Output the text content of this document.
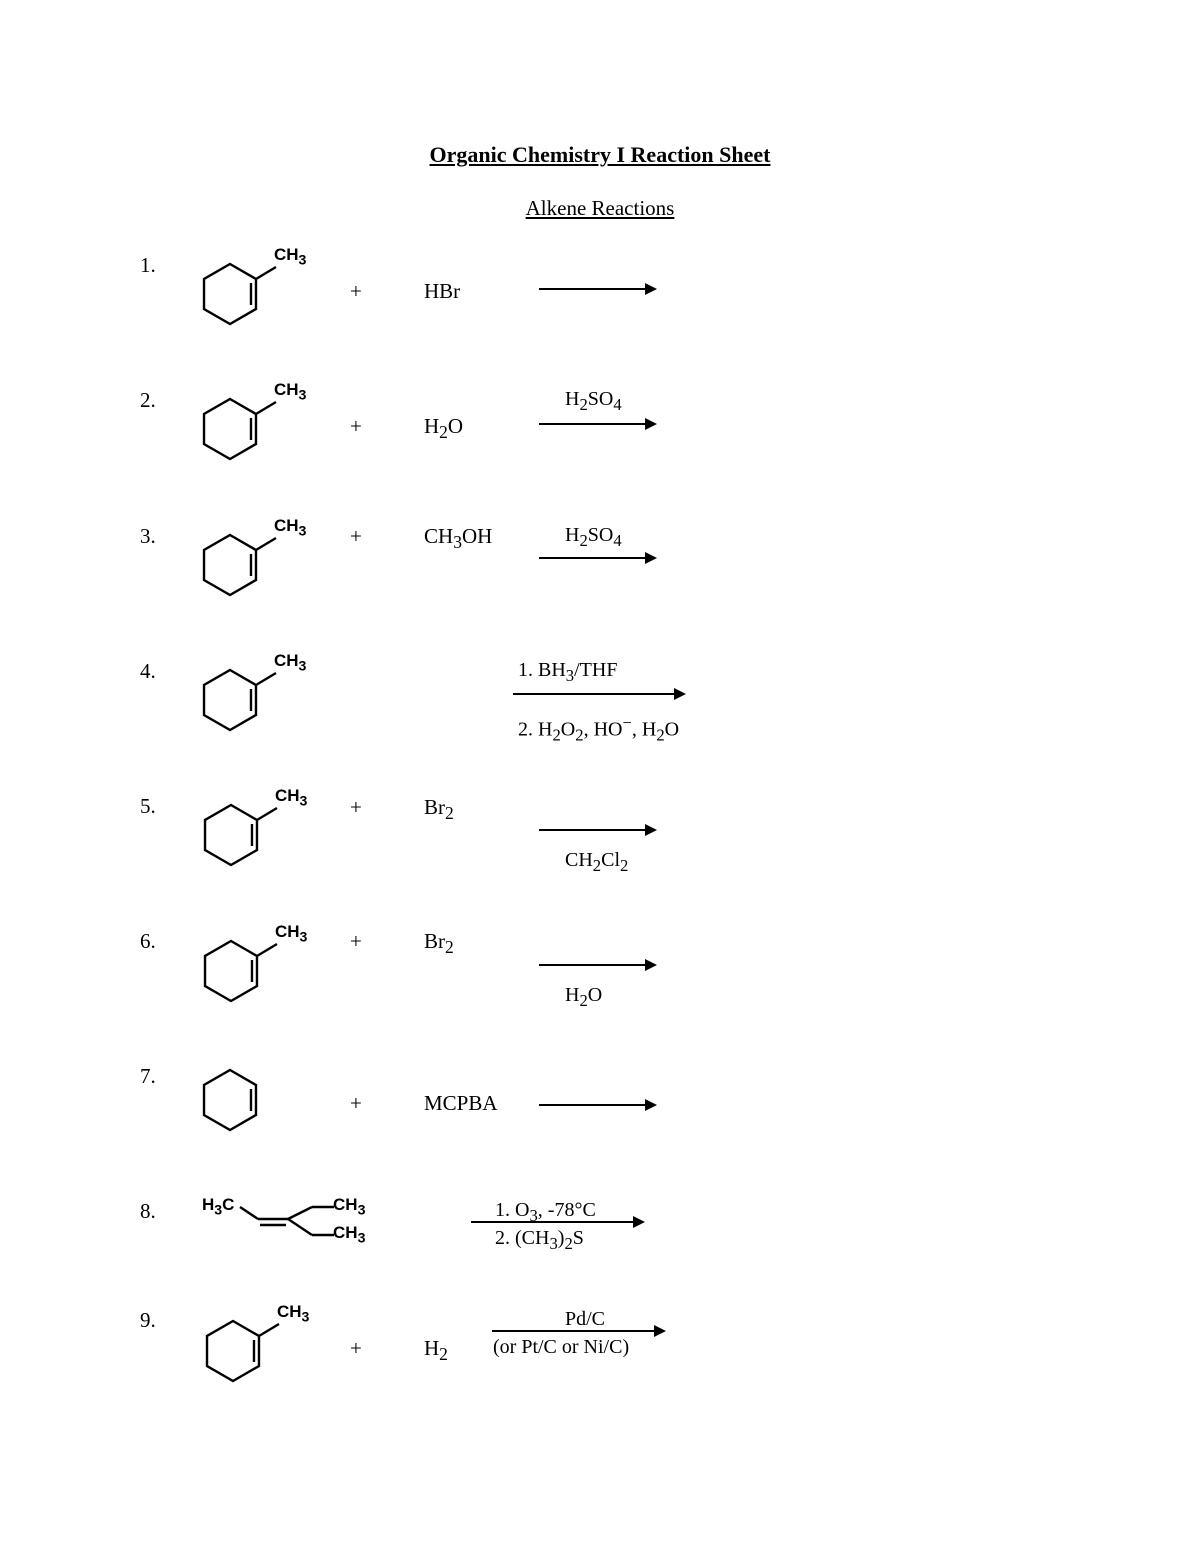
Organic Chemistry I Reaction Sheet
Alkene Reactions
1.	$CH_3$
+	HBr
2.	$CH_3$
+	$H_2O$
$H_2SO_4$
3.	$CH_3$	+	$CH_3OH$	$H_2SO_4$
4.	$CH_3$	1. $BH_3$/THF
2. $H_2O_2$, HO−, $H_2O$
5.	$CH_3$	+	$Br_2$
$CH_2Cl_2$
6.	$CH_3$	+	$Br_2$
$H_2O$
7.
+	MCPBA
8.	$H_3C$	$CH_3$
$CH_3$
1. $O_3$, -78°C
2. $(CH_3)_2S$
9.	$CH_3$
+	$H_2$
Pd/C
(or Pt/C or Ni/C)
